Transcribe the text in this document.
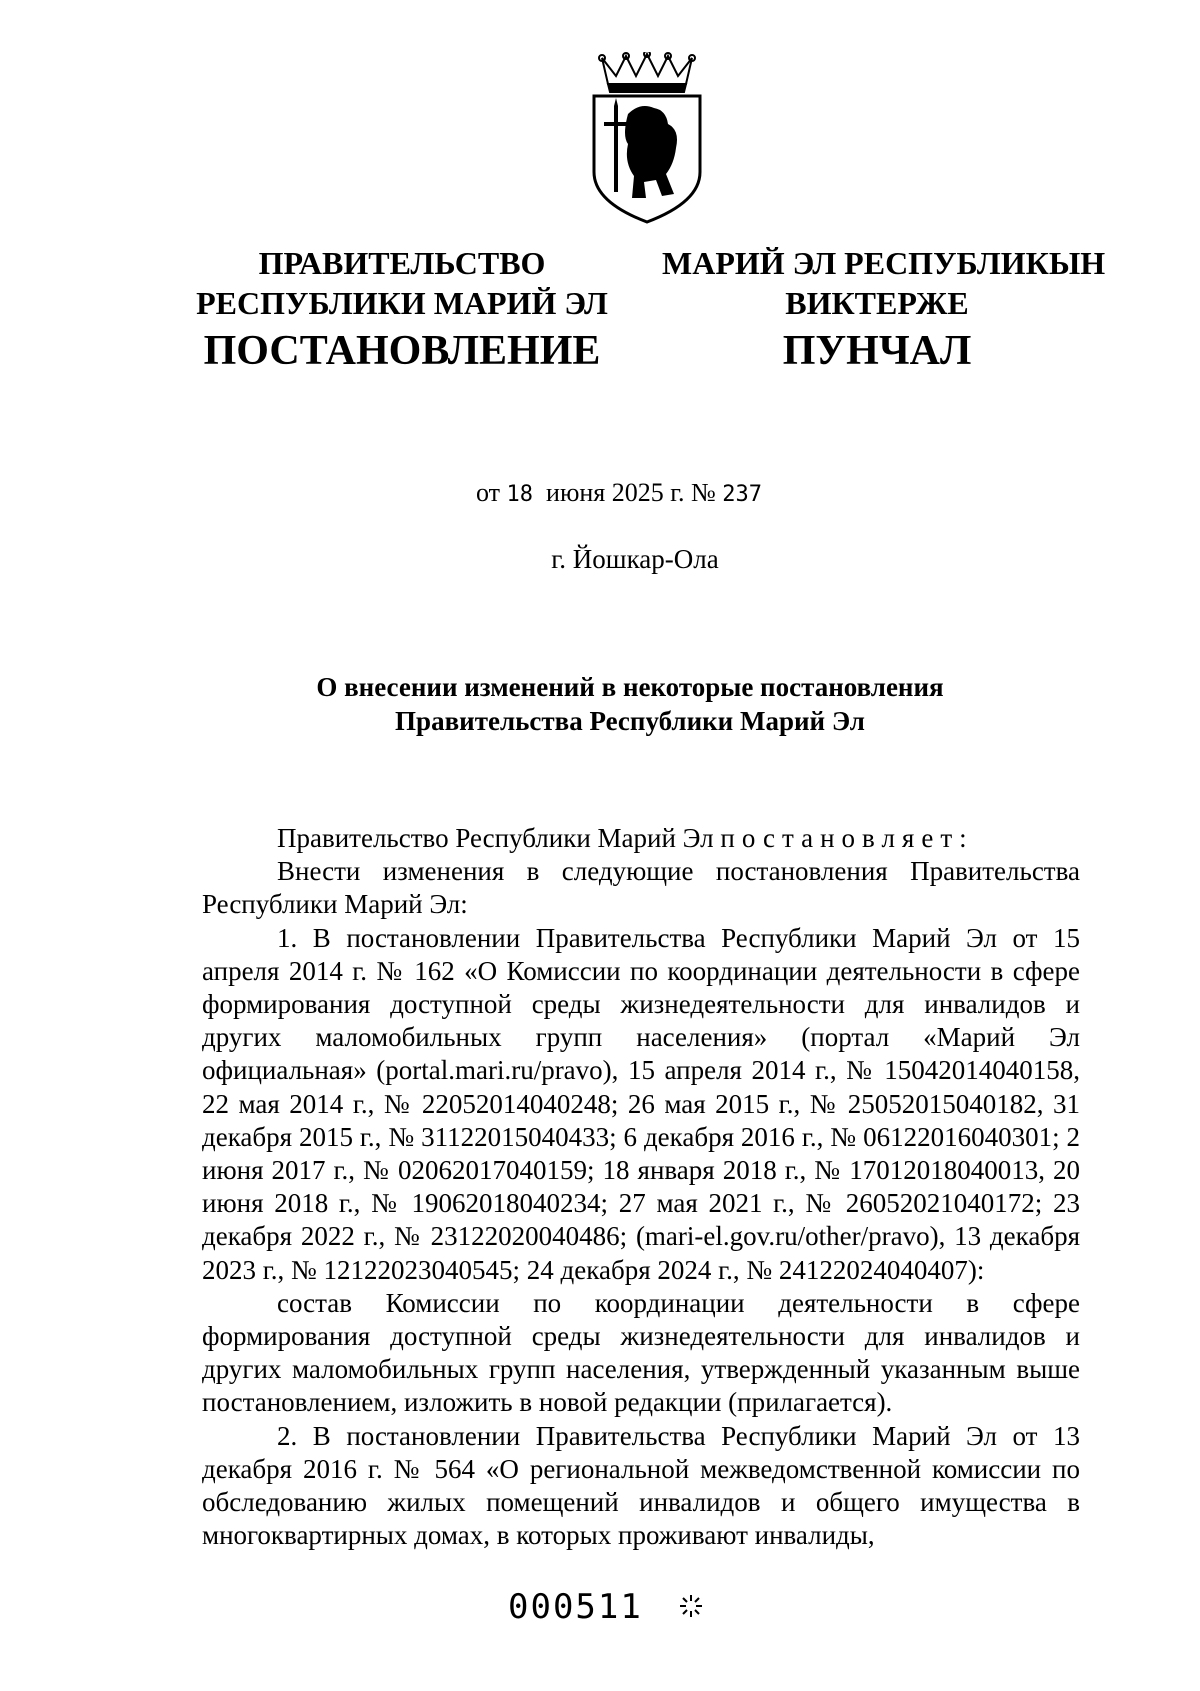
ПРАВИТЕЛЬСТВО
РЕСПУБЛИКИ МАРИЙ ЭЛ
ПОСТАНОВЛЕНИЕ
МАРИЙ ЭЛ РЕСПУБЛИКЫН
ВИКТЕРЖЕ
ПУНЧАЛ
от 18 июня 2025 г. № 237
г. Йошкар-Ола
О внесении изменений в некоторые постановления
Правительства Республики Марий Эл

Правительство Республики Марий Эл постановляет:

Внести изменения в следующие постановления Правительства Республики Марий Эл:

1. В постановлении Правительства Республики Марий Эл от 15 апреля 2014 г. № 162 «О Комиссии по координации деятельности в сфере формирования доступной среды жизнедеятельности для инвалидов и других маломобильных групп населения» (портал «Марий Эл официальная» (portal.mari.ru/pravo), 15 апреля 2014 г., № 15042014040158, 22 мая 2014 г., № 22052014040248; 26 мая 2015 г., № 25052015040182, 31 декабря 2015 г., № 31122015040433; 6 декабря 2016 г., № 06122016040301; 2 июня 2017 г., № 02062017040159; 18 января 2018 г., № 17012018040013, 20 июня 2018 г., № 19062018040234; 27 мая 2021 г., № 26052021040172; 23 декабря 2022 г., № 23122020040486; (mari-el.gov.ru/other/pravo), 13 декабря 2023 г., № 12122023040545; 24 декабря 2024 г., № 24122024040407):

состав Комиссии по координации деятельности в сфере формирования доступной среды жизнедеятельности для инвалидов и других маломобильных групп населения, утвержденный указанным выше постановлением, изложить в новой редакции (прилагается).

2. В постановлении Правительства Республики Марий Эл от 13 декабря 2016 г. № 564 «О региональной межведомственной комиссии по обследованию жилых помещений инвалидов и общего имущества в многоквартирных домах, в которых проживают инвалиды,

000511
